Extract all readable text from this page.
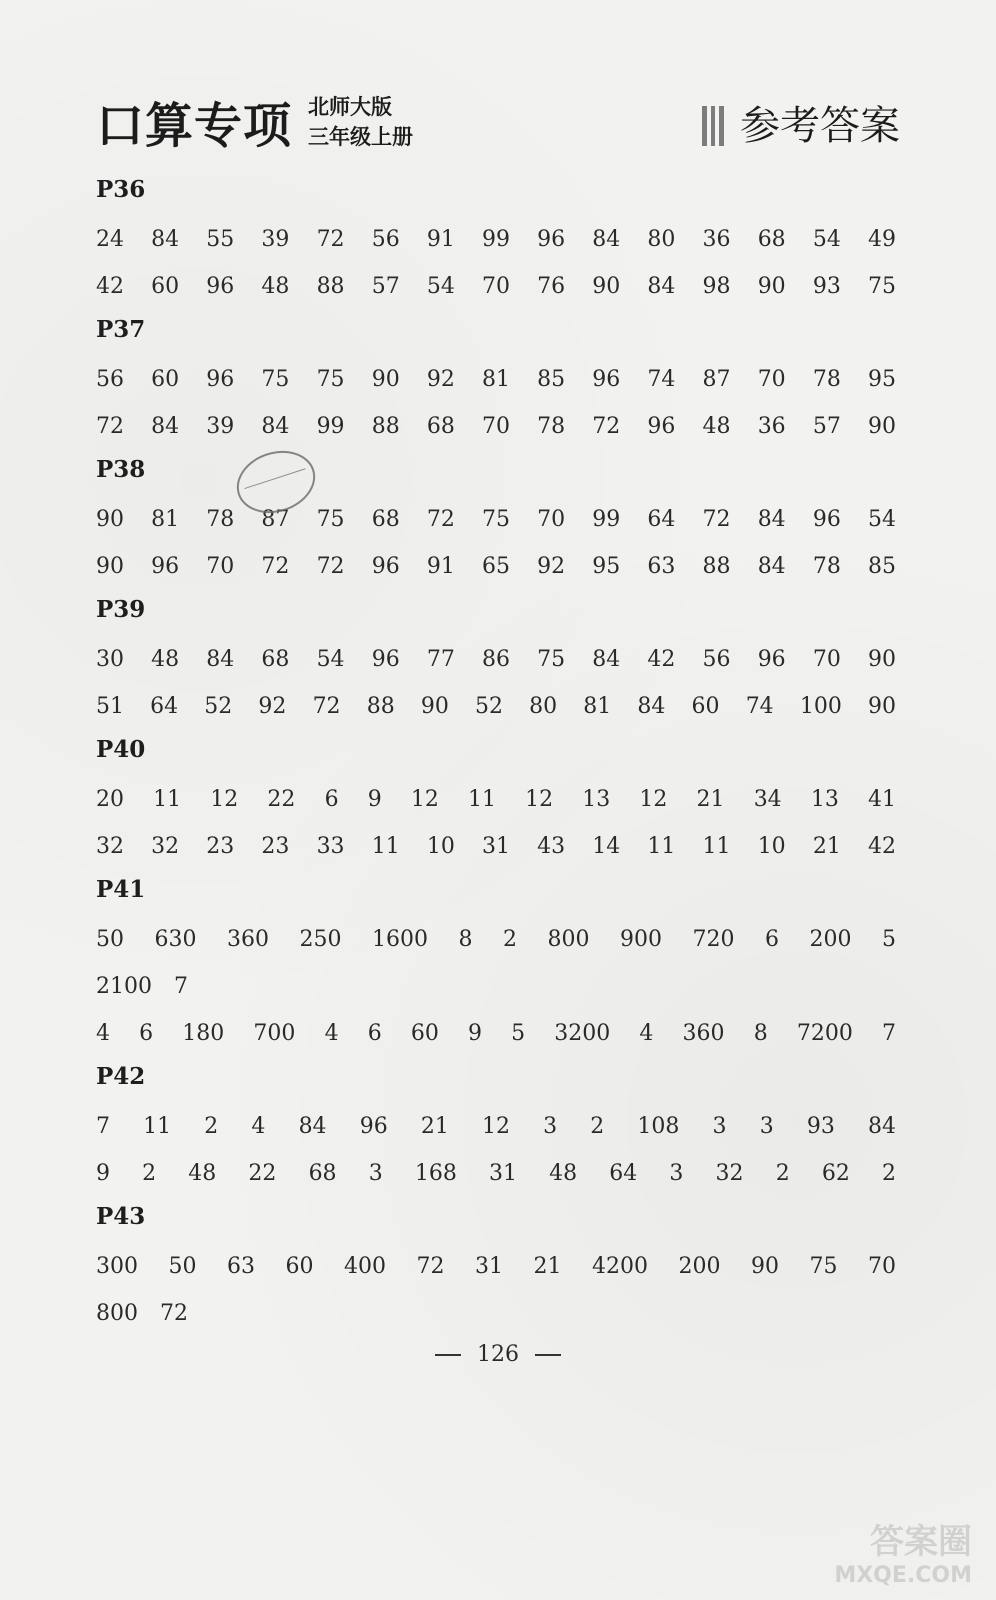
口算专项 北师大版
三年级上册	参考答案
P36
24 84 55 39 72 56 91 99 96 84 80 36 68 54 49
42 60 96 48 88 57 54 70 76 90 84 98 90 93 75
P37
56 60 96 75 75 90 92 81 85 96 74 87 70 78 95
72 84 39 84 99 88 68 70 78 72 96 48 36 57 90
P38
90 81 78 87 75 68 72 75 70 99 64 72 84 96 54
90 96 70 72 72 96 91 65 92 95 63 88 84 78 85
P39
30 48 84 68 54 96 77 86 75 84 42 56 96 70 90
51 64 52 92 72 88 90 52 80 81 84 60 74 100 90
P40
20 11 12 22 6 9 12 11 12 13 12 21 34 13 41
32 32 23 23 33 11 10 31 43 14 11 11 10 21 42
P41
50 630 360 250 1600 8 2 800 900 720 6 200 5
2100 7
4 6 180 700 4 6 60 9 5 3200 4 360 8 7200 7
P42
7 11 2 4 84 96 21 12 3 2 108 3 3 93 84
9 2 48 22 68 3 168 31 48 64 3 32 2 62 2
P43
300 50 63 60 400 72 31 21 4200 200 90 75 70
800 72
126
答案圈
MXQE.COM
